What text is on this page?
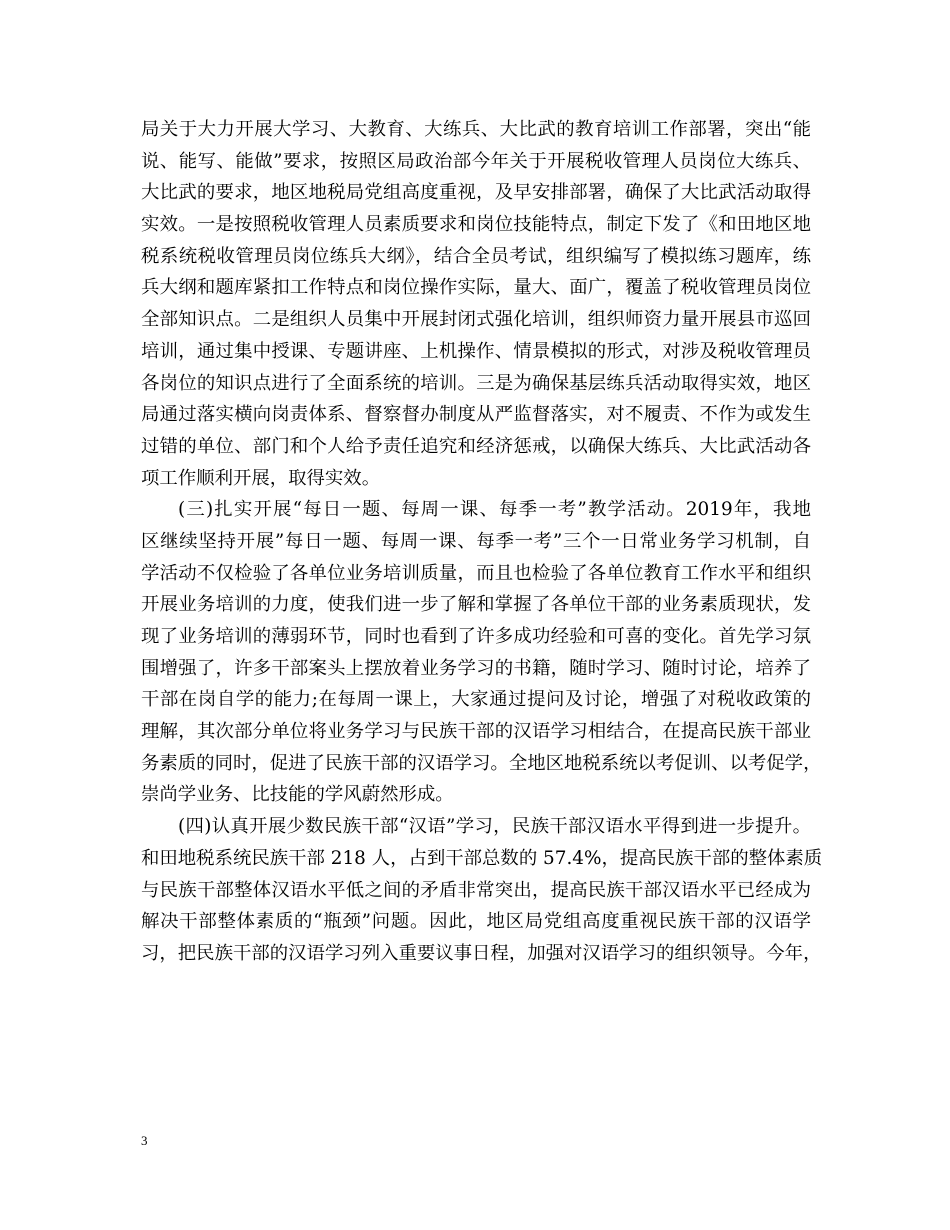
局关于大力开展大学习、大教育、大练兵、大比武的教育培训工作部署，突出“能
说、能写、能做”要求，按照区局政治部今年关于开展税收管理人员岗位大练兵、
大比武的要求，地区地税局党组高度重视，及早安排部署，确保了大比武活动取得
实效。一是按照税收管理人员素质要求和岗位技能特点，制定下发了《和田地区地
税系统税收管理员岗位练兵大纲》，结合全员考试，组织编写了模拟练习题库，练
兵大纲和题库紧扣工作特点和岗位操作实际，量大、面广，覆盖了税收管理员岗位
全部知识点。二是组织人员集中开展封闭式强化培训，组织师资力量开展县市巡回
培训，通过集中授课、专题讲座、上机操作、情景模拟的形式，对涉及税收管理员
各岗位的知识点进行了全面系统的培训。三是为确保基层练兵活动取得实效，地区
局通过落实横向岗责体系、督察督办制度从严监督落实，对不履责、不作为或发生
过错的单位、部门和个人给予责任追究和经济惩戒，以确保大练兵、大比武活动各
项工作顺利开展，取得实效。
(三)扎实开展“每日一题、每周一课、每季一考”教学活动。2019年，我地
区继续坚持开展”每日一题、每周一课、每季一考”三个一日常业务学习机制，自
学活动不仅检验了各单位业务培训质量，而且也检验了各单位教育工作水平和组织
开展业务培训的力度，使我们进一步了解和掌握了各单位干部的业务素质现状，发
现了业务培训的薄弱环节，同时也看到了许多成功经验和可喜的变化。首先学习氛
围增强了，许多干部案头上摆放着业务学习的书籍，随时学习、随时讨论，培养了
干部在岗自学的能力;在每周一课上，大家通过提问及讨论，增强了对税收政策的
理解，其次部分单位将业务学习与民族干部的汉语学习相结合，在提高民族干部业
务素质的同时，促进了民族干部的汉语学习。全地区地税系统以考促训、以考促学，
崇尚学业务、比技能的学风蔚然形成。
(四)认真开展少数民族干部“汉语”学习，民族干部汉语水平得到进一步提升。
和田地税系统民族干部 218 人，占到干部总数的 57.4%，提高民族干部的整体素质
与民族干部整体汉语水平低之间的矛盾非常突出，提高民族干部汉语水平已经成为
解决干部整体素质的“瓶颈”问题。因此，地区局党组高度重视民族干部的汉语学
习，把民族干部的汉语学习列入重要议事日程，加强对汉语学习的组织领导。今年，
3
